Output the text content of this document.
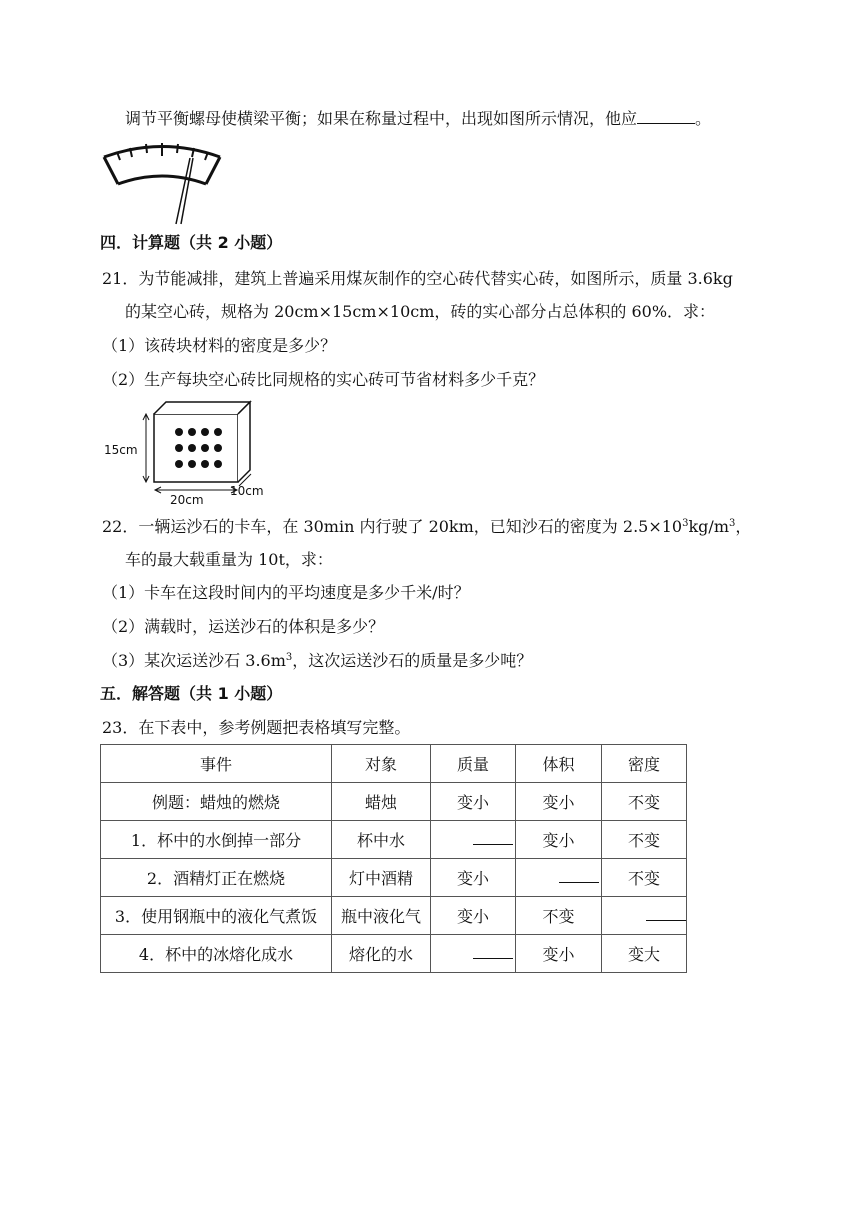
调节平衡螺母使横梁平衡；如果在称量过程中，出现如图所示情况，他应	。
四．计算题（共 2 小题）
21．为节能减排，建筑上普遍采用煤灰制作的空心砖代替实心砖，如图所示，质量 3.6kg
的某空心砖，规格为 20cm×15cm×10cm，砖的实心部分占总体积的 60%．求：
（1）该砖块材料的密度是多少？
（2）生产每块空心砖比同规格的实心砖可节省材料多少千克？
15cm
20cm
10cm
22．一辆运沙石的卡车，在 30min 内行驶了 20km，已知沙石的密度为 $2.5\times 10^3kg/m^3$，
车的最大载重量为 10t，求：
（1）卡车在这段时间内的平均速度是多少千米/时？
（2）满载时，运送沙石的体积是多少？
（3）某次运送沙石 $3.6m^3$，这次运送沙石的质量是多少吨？
五．解答题（共 1 小题）
23．在下表中，参考例题把表格填写完整。
事件	对象	质量	体积	密度
例题：蜡烛的燃烧	蜡烛	变小	变小	不变
1．杯中的水倒掉一部分	杯中水		变小	不变
2．酒精灯正在燃烧	灯中酒精	变小		不变
3．使用钢瓶中的液化气煮饭	瓶中液化气	变小	不变	
4．杯中的冰熔化成水	熔化的水		变小	变大
